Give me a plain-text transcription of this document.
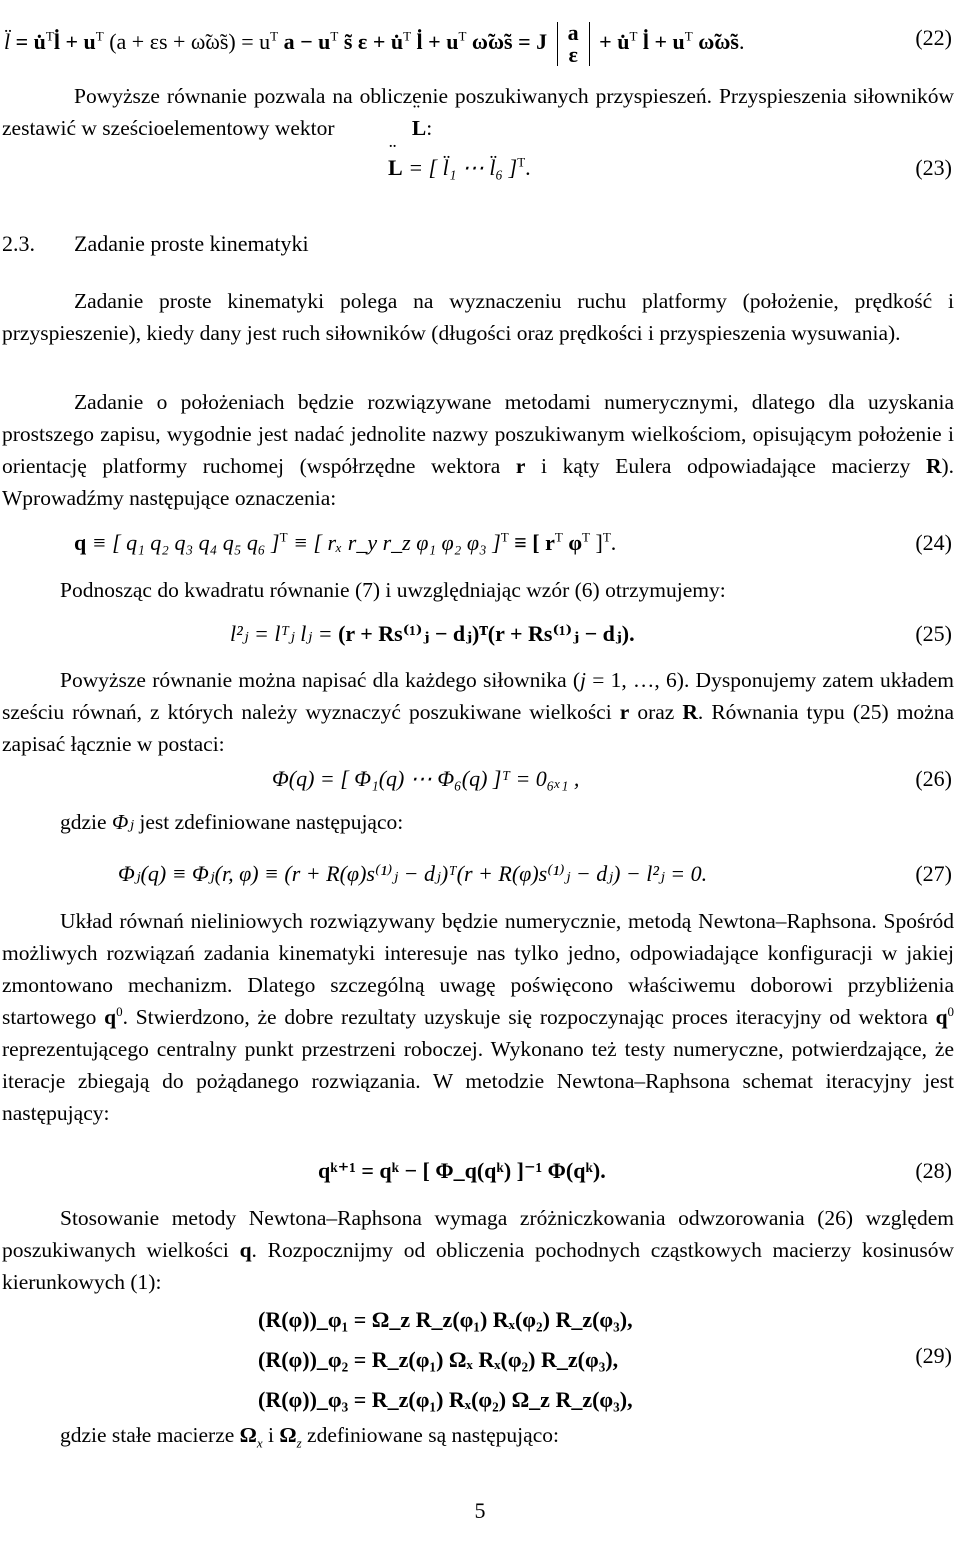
l̈ = u̇$^T$l̇ + $u^T$ (a + εs + ω̃ω̃s) = $u^T$ $a - u^T$ s̃ ε + u̇$^T$ l̇ + $u^T$ ω̃ω̃s = J a
ε
+ u̇$^T$ l̇ + $u^T$ ω̃ω̃s.	(22)

Powyższe równanie pozwala na obliczenie poszukiwanych przyspieszeń. Przyspieszenia siłowników zestawić w sześcioelementowy wektor ¨	L:

¨ L = [ l̈₁ ⋯ l̈₆ ]$^T$.	(23)
2.3. Zadanie proste kinematyki

Zadanie proste kinematyki polega na wyznaczeniu ruchu platformy (położenie, prędkość i przyspieszenie), kiedy dany jest ruch siłowników (długości oraz prędkości i przyspieszenia wysuwania).

Zadanie o położeniach będzie rozwiązywane metodami numerycznymi, dlatego dla uzyskania prostszego zapisu, wygodnie jest nadać jednolite nazwy poszukiwanym wielkościom, opisującym położenie i orientację platformy ruchomej (współrzędne wektora r i kąty Eulera odpowiadające macierzy R). Wprowadźmy następujące oznaczenia:

q ≡ [ q₁ q₂ q₃ q₄ q₅ q₆ ]$^T$ ≡ [ rₓ r_y r_z φ₁ φ₂ φ₃ ]$^T$ ≡ [ $r^T$ $\varphi^T$ ]$^T$.	(24)

Podnosząc do kwadratu równanie (7) i uwzględniając wzór (6) otrzymujemy:

l²ⱼ = lᵀⱼ lⱼ = (r + Rs⁽¹⁾ⱼ − dⱼ)ᵀ(r + Rs⁽¹⁾ⱼ − dⱼ).	(25)

Powyższe równanie można napisać dla każdego siłownika (j = 1, …, 6). Dysponujemy zatem układem sześciu równań, z których należy wyznaczyć poszukiwane wielkości r oraz R. Równania typu (25) można zapisać łącznie w postaci:

Φ(q) = [ Φ₁(q) ⋯ Φ₆(q) ]ᵀ = 0₆ₓ₁ ,	(26)

gdzie Φⱼ jest zdefiniowane następująco:

Φⱼ(q) ≡ Φⱼ(r, φ) ≡ (r + R(φ)s⁽¹⁾ⱼ − dⱼ)ᵀ(r + R(φ)s⁽¹⁾ⱼ − dⱼ) − l²ⱼ = 0.	(27)

Układ równań nieliniowych rozwiązywany będzie numerycznie, metodą Newtona–Raphsona. Spośród możliwych rozwiązań zadania kinematyki interesuje nas tylko jedno, odpowiadające konfiguracji w jakiej zmontowano mechanizm. Dlatego szczególną uwagę poświęcono właściwemu doborowi przybliżenia startowego $q^0$. Stwierdzono, że dobre rezultaty uzyskuje się rozpoczynając proces iteracyjny od wektora $q^0$ reprezentującego centralny punkt przestrzeni roboczej. Wykonano też testy numeryczne, potwierdzające, że iteracje zbiegają do pożądanego rozwiązania. W metodzie Newtona–Raphsona schemat iteracyjny jest następujący:

qᵏ⁺¹ = qᵏ − [ Φ_q(qᵏ) ]⁻¹ Φ(qᵏ).	(28)

Stosowanie metody Newtona–Raphsona wymaga zróżniczkowania odwzorowania (26) względem poszukiwanych wielkości q. Rozpocznijmy od obliczenia pochodnych cząstkowych macierzy kosinusów kierunkowych (1):

(R(φ))_φ₁ = Ω_z R_z(φ₁) Rₓ(φ₂) R_z(φ₃),
(R(φ))_φ₂ = R_z(φ₁) Ωₓ Rₓ(φ₂) R_z(φ₃),
(R(φ))_φ₃ = R_z(φ₁) Rₓ(φ₂) Ω_z R_z(φ₃),
(29)

gdzie stałe macierze $\Omega_x$ i $\Omega_z$ zdefiniowane są następująco:

5
